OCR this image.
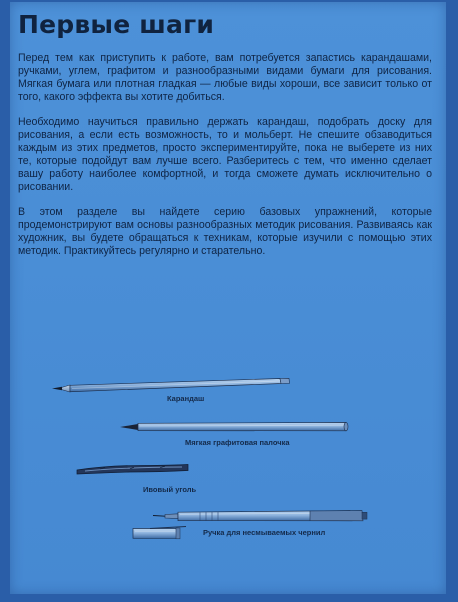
Первые шаги

Перед тем как приступить к работе, вам потребуется запастись карандашами, ручками, углем, графитом и разнообразными видами бумаги для рисования. Мягкая бумага или плотная гладкая — любые виды хороши, все зависит только от того, какого эффекта вы хотите добиться.

Необходимо научиться правильно держать карандаш, подобрать доску для рисования, а если есть возможность, то и мольберт. Не спешите обзаводиться каждым из этих предметов, просто экспериментируйте, пока не выберете из них те, которые подойдут вам лучше всего. Разберитесь с тем, что именно сделает вашу работу наиболее комфортной, и тогда сможете думать исключительно о рисовании.

В этом разделе вы найдете серию базовых упражнений, которые продемонстрируют вам основы разнообразных методик рисования. Развиваясь как художник, вы будете обращаться к техникам, которые изучили с помощью этих методик. Практикуйтесь регулярно и старательно.

Карандаш
Мягкая графитовая палочка
Ивовый уголь
Ручка для несмываемых чернил
